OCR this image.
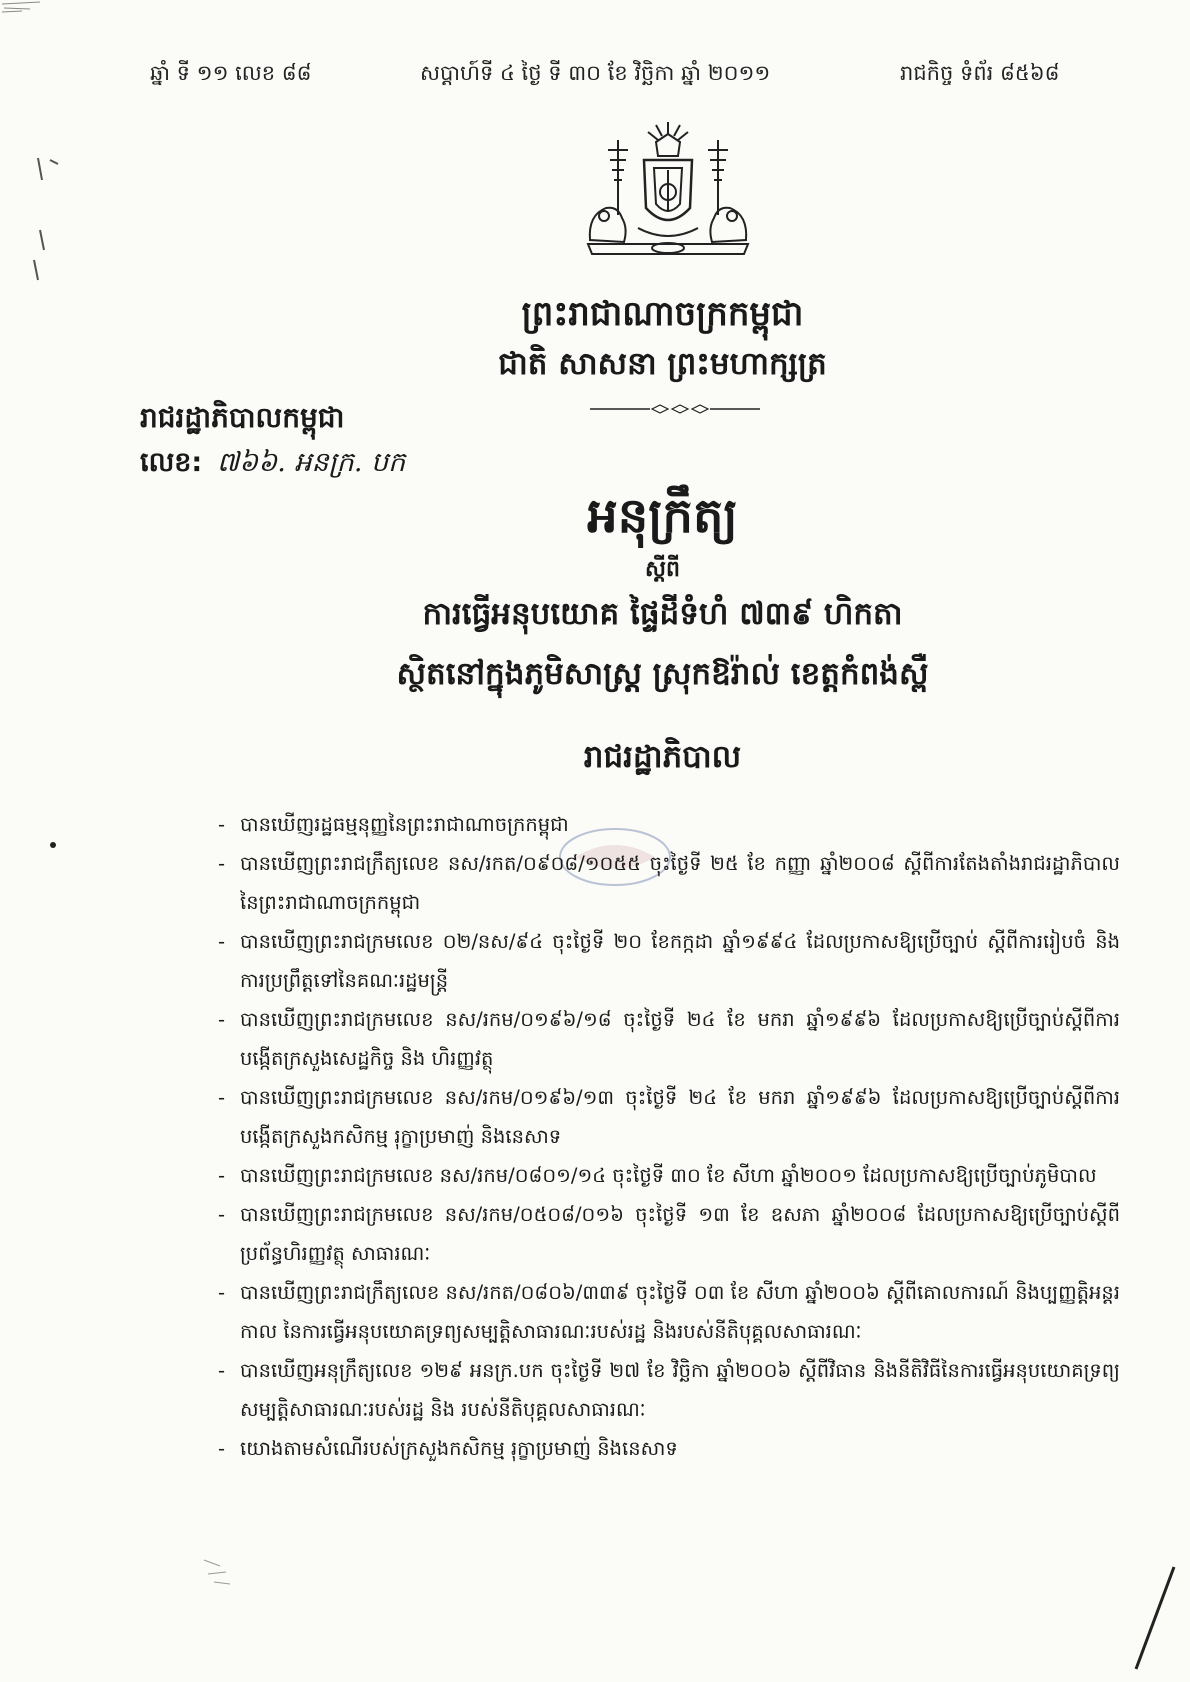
ឆ្នាំ ទី ១១ លេខ ៨៨	សប្តាហ៍ទី ៤ ថ្ងៃ ទី ៣០ ខែ វិច្ឆិកា ឆ្នាំ ២០១១	រាជកិច្ច ទំព័រ ៨៥៦៨
ព្រះរាជាណាចក្រកម្ពុជា
ជាតិ សាសនា ព្រះមហាក្សត្រ
រាជរដ្ឋាភិបាលកម្ពុជា
លេខ: ៧៦៦. អនក្រ. បក
អនុក្រឹត្យ
ស្តីពី
ការធ្វើអនុបយោគ ផ្ទៃដីទំហំ ៧៣៩ ហិកតា
ស្ថិតនៅក្នុងភូមិសាស្ត្រ ស្រុកឱរ៉ាល់ ខេត្តកំពង់ស្ពឺ
រាជរដ្ឋាភិបាល
- បានឃើញរដ្ឋធម្មនុញ្ញនៃព្រះរាជាណាចក្រកម្ពុជា
- បានឃើញព្រះរាជក្រឹត្យលេខ នស/រកត/០៩០៨/១០៥៥ ចុះថ្ងៃទី ២៥ ខែ កញ្ញា ឆ្នាំ២០០៨ ស្តីពីការតែងតាំងរាជរដ្ឋាភិបាល នៃព្រះរាជាណាចក្រកម្ពុជា
- បានឃើញព្រះរាជក្រមលេខ ០២/នស/៩៤ ចុះថ្ងៃទី ២០ ខែកក្កដា ឆ្នាំ១៩៩៤ ដែលប្រកាសឱ្យប្រើច្បាប់ ស្តីពីការរៀបចំ និង ការប្រព្រឹត្តទៅនៃគណៈរដ្ឋមន្ត្រី
- បានឃើញព្រះរាជក្រមលេខ នស/រកម/០១៩៦/១៨ ចុះថ្ងៃទី ២៤ ខែ មករា ឆ្នាំ១៩៩៦ ដែលប្រកាសឱ្យប្រើច្បាប់ស្តីពីការបង្កើតក្រសួងសេដ្ឋកិច្ច និង ហិរញ្ញវត្ថុ
- បានឃើញព្រះរាជក្រមលេខ នស/រកម/០១៩៦/១៣ ចុះថ្ងៃទី ២៤ ខែ មករា ឆ្នាំ១៩៩៦ ដែលប្រកាសឱ្យប្រើច្បាប់ស្តីពីការបង្កើតក្រសួងកសិកម្ម រុក្ខាប្រមាញ់ និងនេសាទ
- បានឃើញព្រះរាជក្រមលេខ នស/រកម/០៨០១/១៤ ចុះថ្ងៃទី ៣០ ខែ សីហា ឆ្នាំ២០០១ ដែលប្រកាសឱ្យប្រើច្បាប់ភូមិបាល
- បានឃើញព្រះរាជក្រមលេខ នស/រកម/០៥០៨/០១៦ ចុះថ្ងៃទី ១៣ ខែ ឧសភា ឆ្នាំ២០០៨ ដែលប្រកាសឱ្យប្រើច្បាប់ស្តីពីប្រព័ន្ធហិរញ្ញវត្ថុ សាធារណៈ
- បានឃើញព្រះរាជក្រឹត្យលេខ នស/រកត/០៨០៦/៣៣៩ ចុះថ្ងៃទី ០៣ ខែ សីហា ឆ្នាំ២០០៦ ស្តីពីគោលការណ៍ និងប្បញ្ញត្តិអន្តរកាល នៃការធ្វើអនុបយោគទ្រព្យសម្បត្តិសាធារណៈរបស់រដ្ឋ និងរបស់នីតិបុគ្គលសាធារណៈ
- បានឃើញអនុក្រឹត្យលេខ ១២៩ អនក្រ.បក ចុះថ្ងៃទី ២៧ ខែ វិច្ឆិកា ឆ្នាំ២០០៦ ស្តីពីវិធាន និងនីតិវិធីនៃការធ្វើអនុបយោគទ្រព្យសម្បត្តិសាធារណៈរបស់រដ្ឋ និង របស់នីតិបុគ្គលសាធារណៈ
- យោងតាមសំណើរបស់ក្រសួងកសិកម្ម រុក្ខាប្រមាញ់ និងនេសាទ
